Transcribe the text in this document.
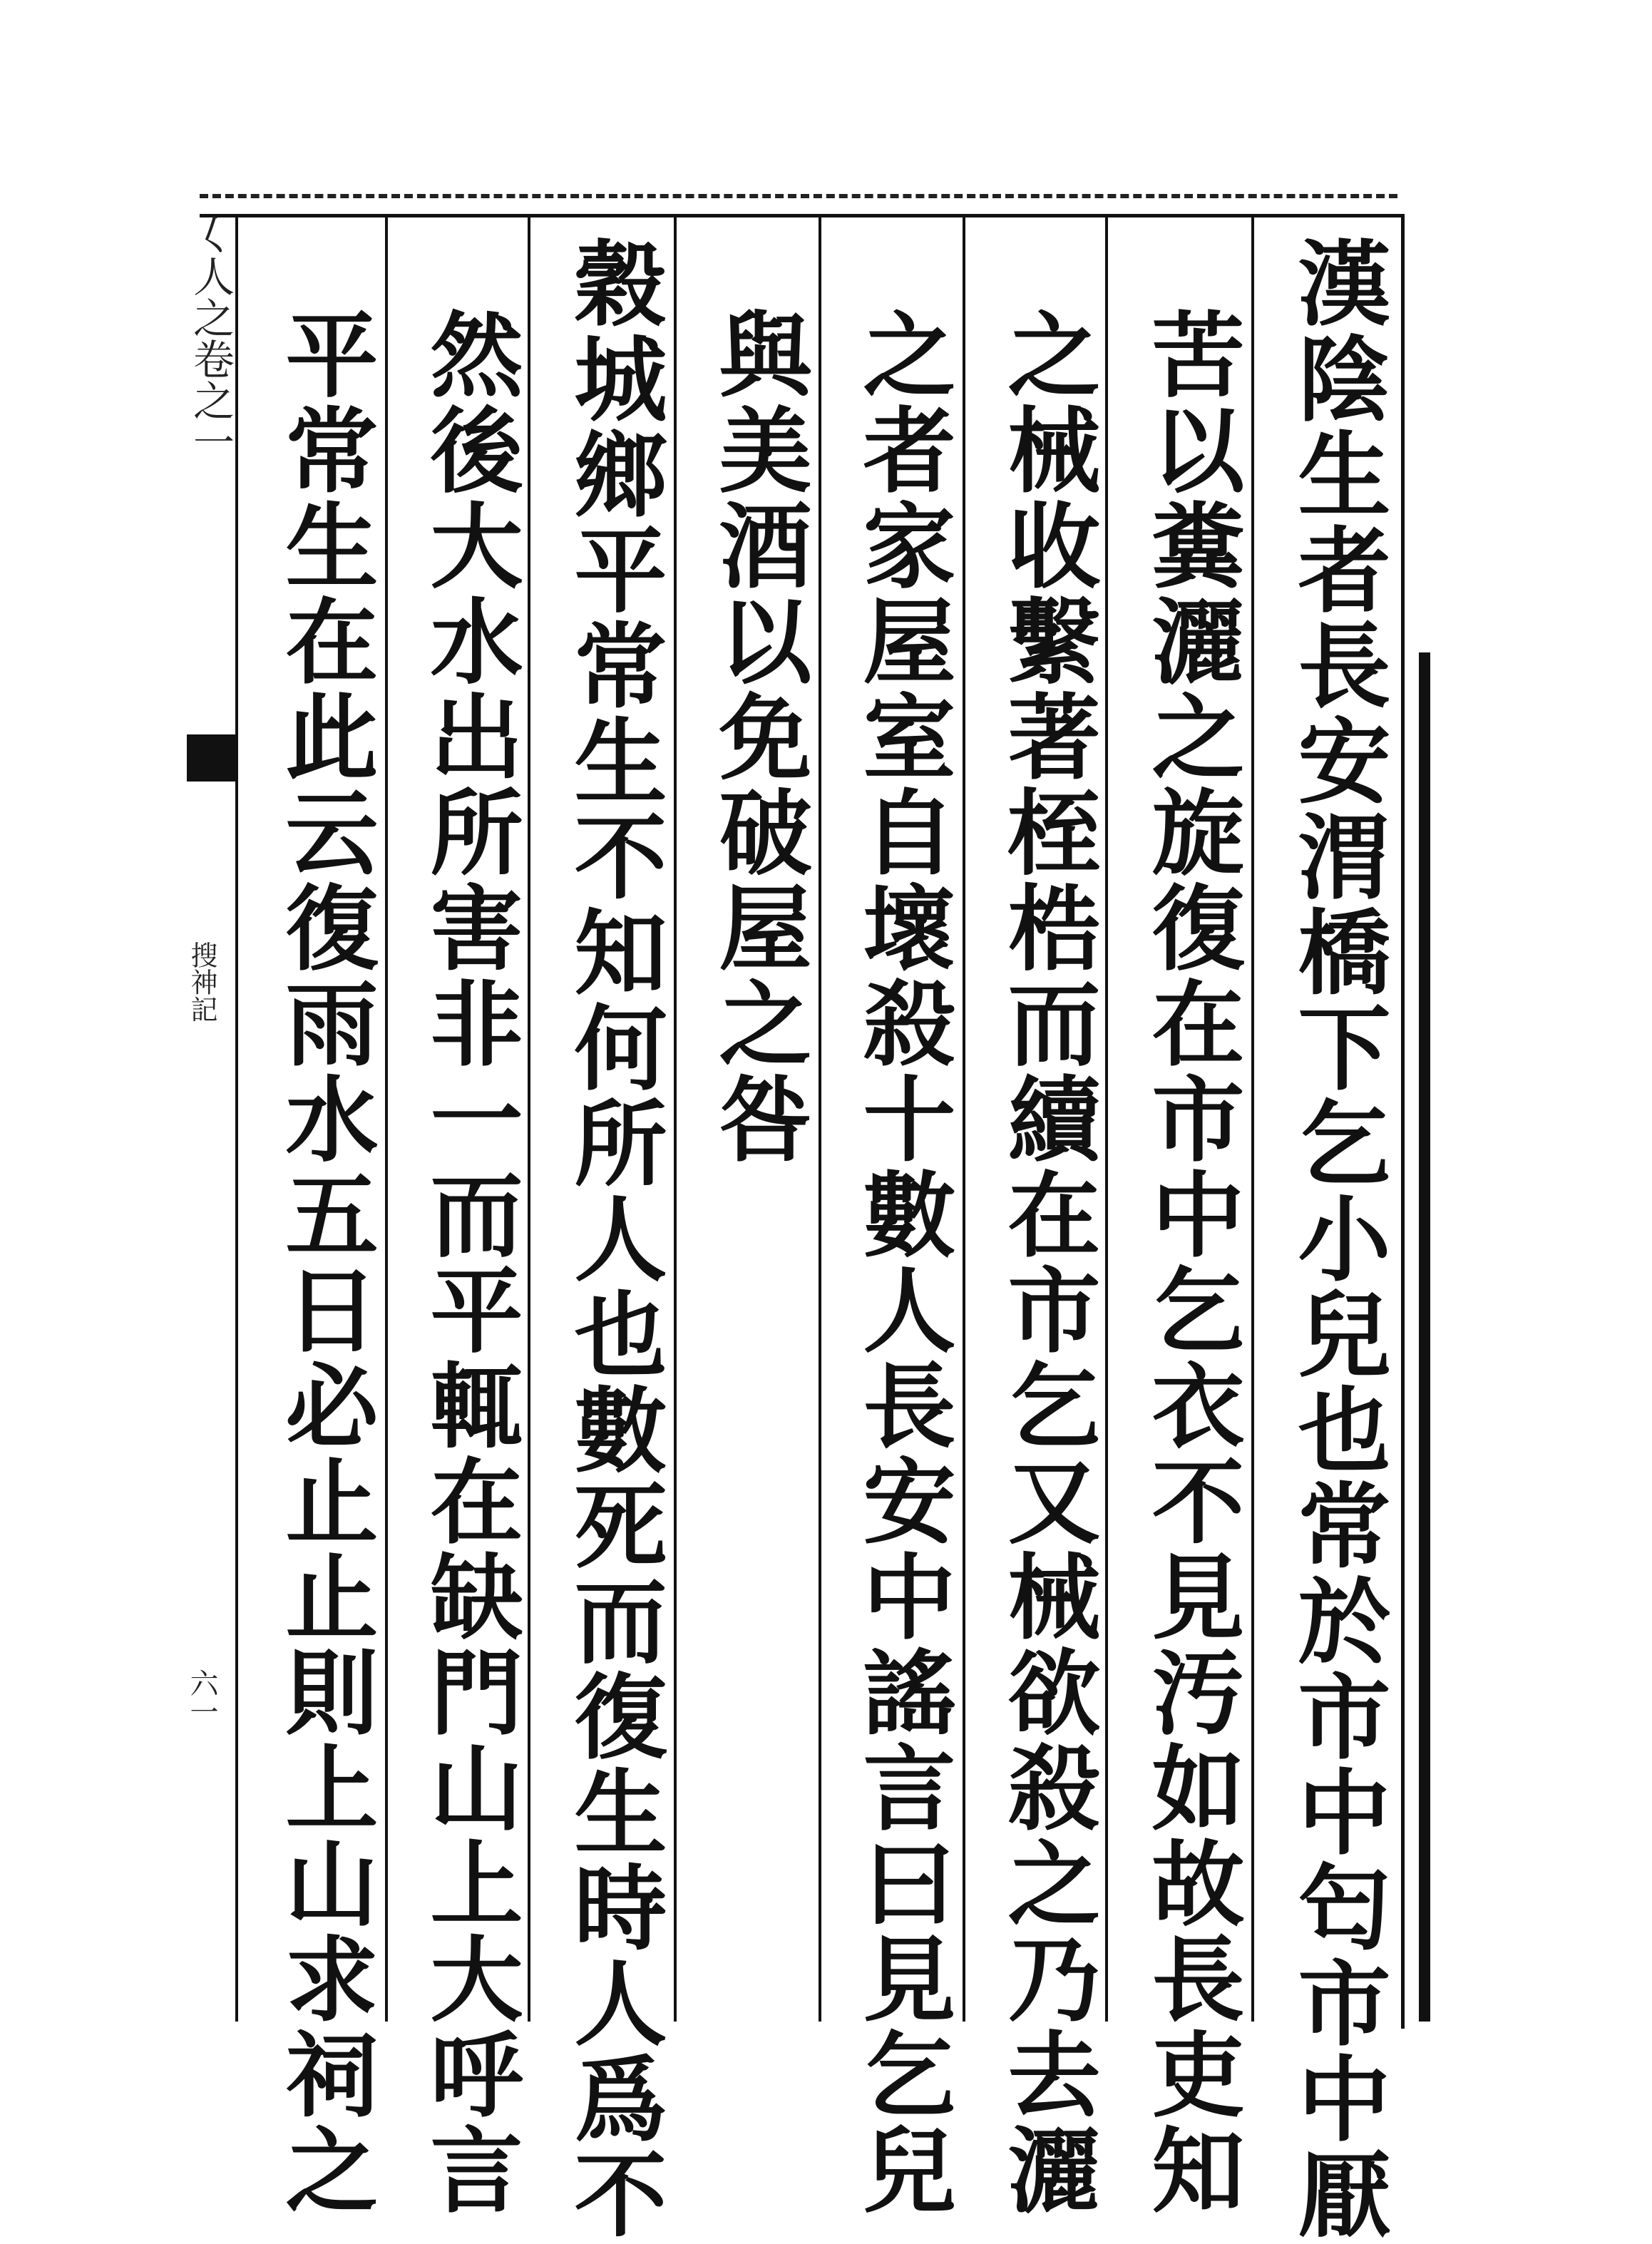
𡿨人之卷之一
搜神記
六一	漢陰生者長安渭橋下乞小兒也常於市中匄市中厭
苦以糞灑之旋復在市中乞衣不見汚如故長吏知
之械收繫著桎梏而續在市乞又械欲殺之乃去灑
之者家屋室自壞殺十數人長安中謠言曰見乞兒
與美酒以免破屋之咎
穀城鄉平常生不知何所人也數死而復生時人爲不
然後大水出所害非一而平輒在缺門山上大呼言
平常生在此云復雨水五日必止止則上山求祠之
